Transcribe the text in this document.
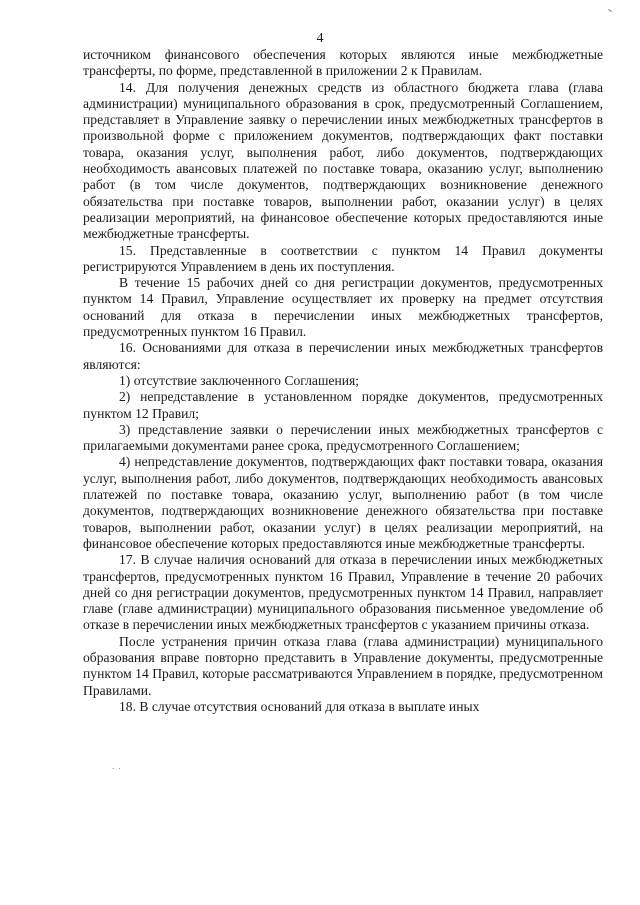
4

источником финансового обеспечения которых являются иные межбюджетные трансферты, по форме, представленной в приложении 2 к Правилам.

14. Для получения денежных средств из областного бюджета глава (глава администрации) муниципального образования в срок, предусмотренный Соглашением, представляет в Управление заявку о перечислении иных межбюджетных трансфертов в произвольной форме с приложением документов, подтверждающих факт поставки товара, оказания услуг, выполнения работ, либо документов, подтверждающих необходимость авансовых платежей по поставке товара, оказанию услуг, выполнению работ (в том числе документов, подтверждающих возникновение денежного обязательства при поставке товаров, выполнении работ, оказании услуг) в целях реализации мероприятий, на финансовое обеспечение которых предоставляются иные межбюджетные трансферты.

15. Представленные в соответствии с пунктом 14 Правил документы регистрируются Управлением в день их поступления.

В течение 15 рабочих дней со дня регистрации документов, предусмотренных пунктом 14 Правил, Управление осуществляет их проверку на предмет отсутствия оснований для отказа в перечислении иных межбюджетных трансфертов, предусмотренных пунктом 16 Правил.

16. Основаниями для отказа в перечислении иных межбюджетных трансфертов являются:

1) отсутствие заключенного Соглашения;

2) непредставление в установленном порядке документов, предусмотренных пунктом 12 Правил;

3) представление заявки о перечислении иных межбюджетных трансфертов с прилагаемыми документами ранее срока, предусмотренного Соглашением;

4) непредставление документов, подтверждающих факт поставки товара, оказания услуг, выполнения работ, либо документов, подтверждающих необходимость авансовых платежей по поставке товара, оказанию услуг, выполнению работ (в том числе документов, подтверждающих возникновение денежного обязательства при поставке товаров, выполнении работ, оказании услуг) в целях реализации мероприятий, на финансовое обеспечение которых предоставляются иные межбюджетные трансферты.

17. В случае наличия оснований для отказа в перечислении иных межбюджетных трансфертов, предусмотренных пунктом 16 Правил, Управление в течение 20 рабочих дней со дня регистрации документов, предусмотренных пунктом 14 Правил, направляет главе (главе администрации) муниципального образования письменное уведомление об отказе в перечислении иных межбюджетных трансфертов с указанием причины отказа.

После устранения причин отказа глава (глава администрации) муниципального образования вправе повторно представить в Управление документы, предусмотренные пунктом 14 Правил, которые рассматриваются Управлением в порядке, предусмотренном Правилами.

18. В случае отсутствия оснований для отказа в выплате иных

. .
